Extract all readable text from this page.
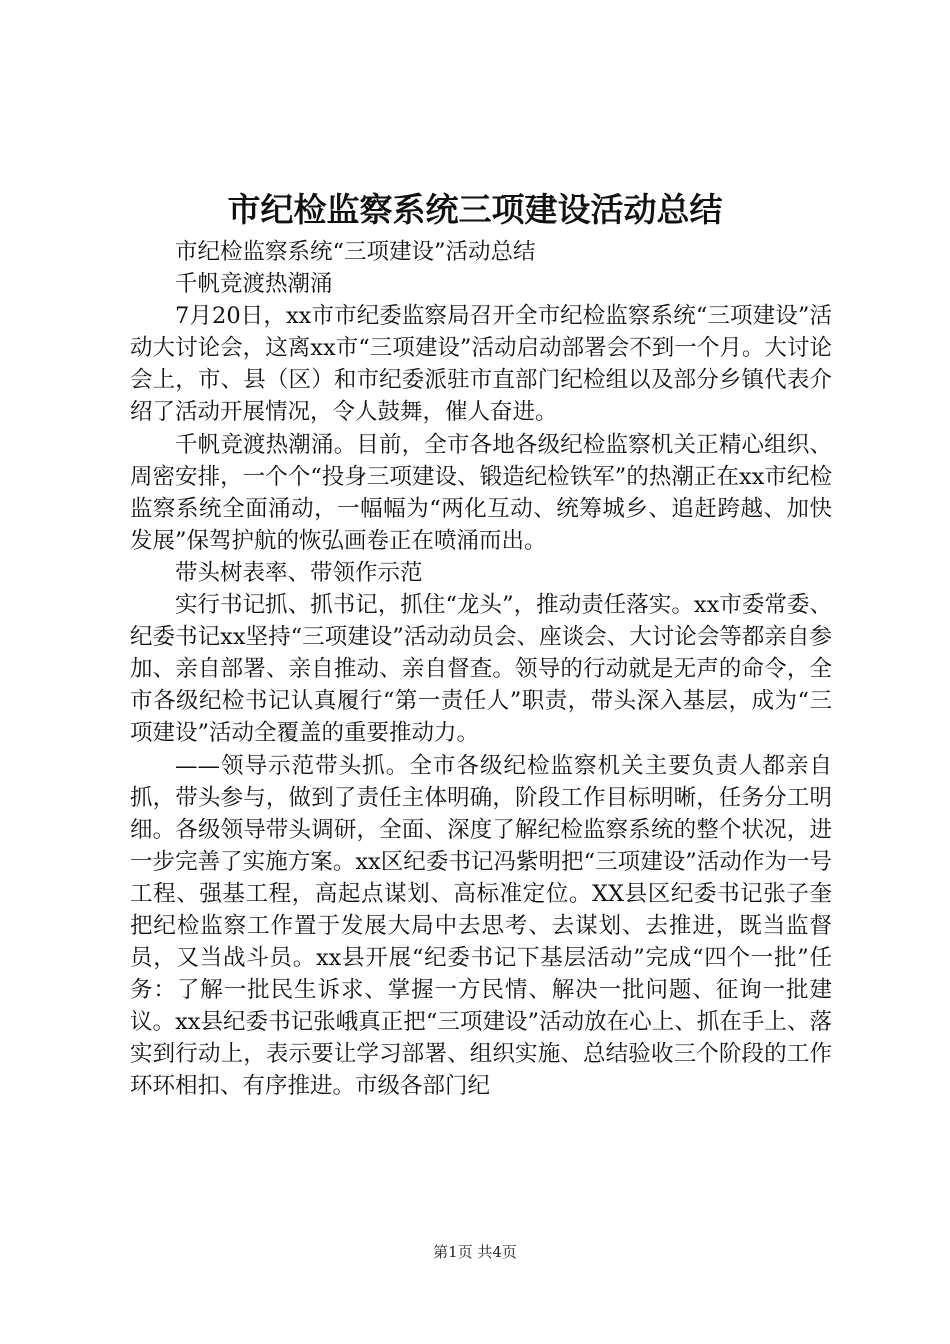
市纪检监察系统三项建设活动总结

市纪检监察系统“三项建设”活动总结

千帆竞渡热潮涌

7月20日，xx市市纪委监察局召开全市纪检监察系统“三项建设”活动大讨论会，这离xx市“三项建设”活动启动部署会不到一个月。大讨论会上，市、县（区）和市纪委派驻市直部门纪检组以及部分乡镇代表介绍了活动开展情况，令人鼓舞，催人奋进。

千帆竞渡热潮涌。目前，全市各地各级纪检监察机关正精心组织、周密安排，一个个“投身三项建设、锻造纪检铁军”的热潮正在xx市纪检监察系统全面涌动，一幅幅为“两化互动、统筹城乡、追赶跨越、加快发展”保驾护航的恢弘画卷正在喷涌而出。

带头树表率、带领作示范

实行书记抓、抓书记，抓住“龙头”，推动责任落实。xx市委常委、纪委书记xx坚持“三项建设”活动动员会、座谈会、大讨论会等都亲自参加、亲自部署、亲自推动、亲自督查。领导的行动就是无声的命令，全市各级纪检书记认真履行“第一责任人”职责，带头深入基层，成为“三项建设”活动全覆盖的重要推动力。

——领导示范带头抓。全市各级纪检监察机关主要负责人都亲自抓，带头参与，做到了责任主体明确，阶段工作目标明晰，任务分工明细。各级领导带头调研，全面、深度了解纪检监察系统的整个状况，进一步完善了实施方案。xx区纪委书记冯紫明把“三项建设”活动作为一号工程、强基工程，高起点谋划、高标准定位。XX县区纪委书记张子奎把纪检监察工作置于发展大局中去思考、去谋划、去推进，既当监督员，又当战斗员。xx县开展“纪委书记下基层活动”完成“四个一批”任务：了解一批民生诉求、掌握一方民情、解决一批问题、征询一批建议。xx县纪委书记张峨真正把“三项建设”活动放在心上、抓在手上、落实到行动上，表示要让学习部署、组织实施、总结验收三个阶段的工作环环相扣、有序推进。市级各部门纪

第1页 共4页
